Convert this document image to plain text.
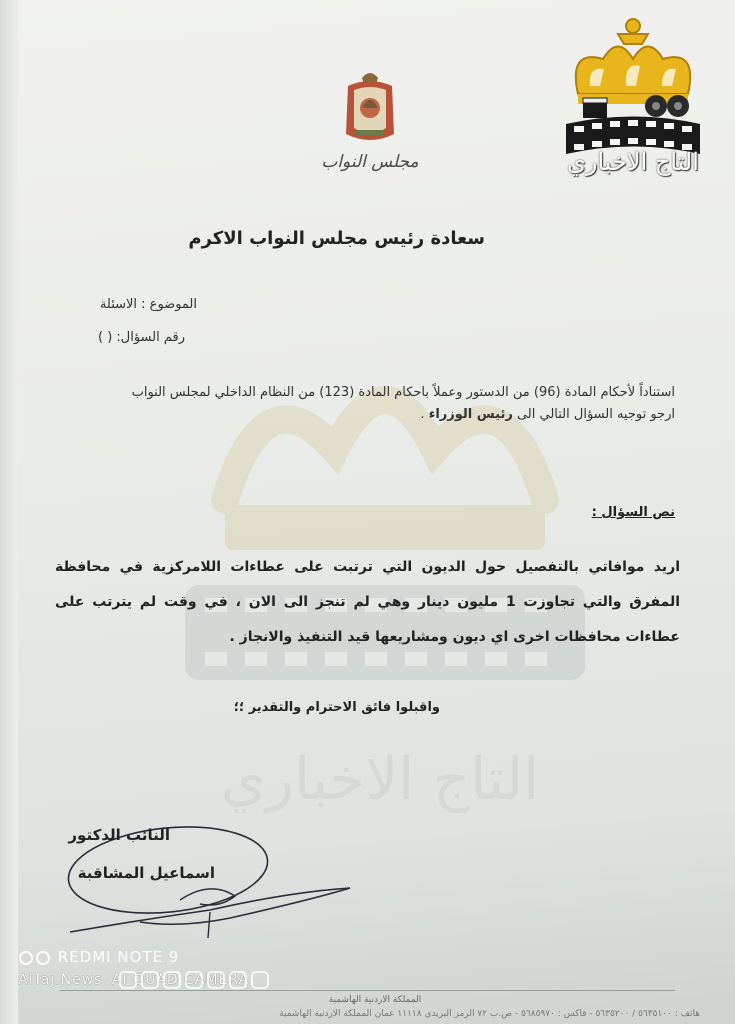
التاج الاخباري
مجلس النواب	التاج الاخباري
سعادة رئيس مجلس النواب الاكرم
الموضوع : الاسئلة
رقم السؤال: ( )
استناداً لأحكام المادة (96) من الدستور وعملاً باحكام المادة (123) من النظام الداخلي لمجلس النواب
ارجو توجيه السؤال التالي الى رئيس الوزراء .
نص السؤال :
اريد موافاتي بالتفصيل حول الديون التي ترتبت على عطاءات اللامركزية في محافظة المفرق والتي تجاوزت 1 مليون دينار وهي لم تنجز الى الان ، في وقت لم يترتب على عطاءات محافظات اخرى اي ديون ومشاريعها قيد التنفيذ والانجاز .
واقبلوا فائق الاحترام والتقدير ؛؛
النائب الدكتور
اسماعيل المشاقبة
REDMI NOTE 9
AlTaj.News AI QUAD CAMERA
المملكة الاردنية الهاشمية
هاتف : ٥٦٣٥١٠٠ / ٥٦٣٥٢٠٠ - فاكس : ٥٦٨٥٩٧٠ - ص.ب ٧٢ الرمز البريدي ١١١١٨ عمان المملكة الاردنية الهاشمية
